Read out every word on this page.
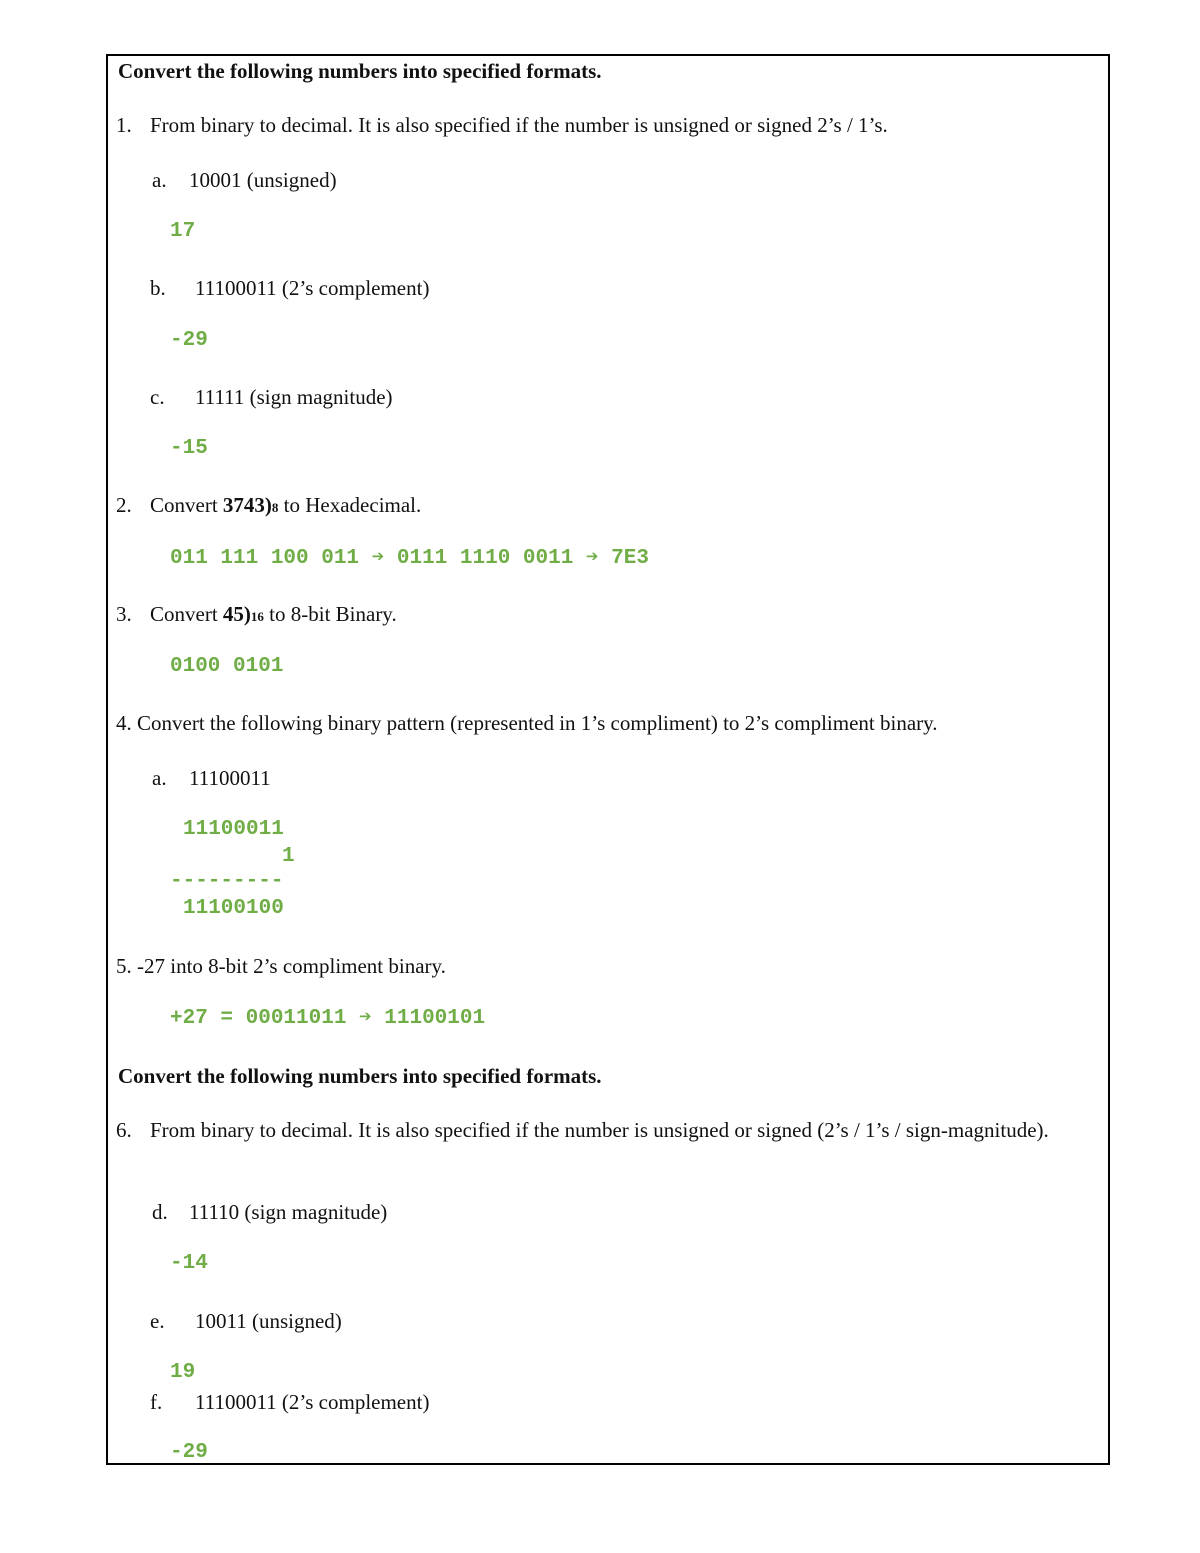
Convert the following numbers into specified formats.
1. From binary to decimal. It is also specified if the number is unsigned or signed 2’s / 1’s.
a. 10001 (unsigned)
17
b. 11100011 (2’s complement)
-29
c. 11111 (sign magnitude)
-15
2. Convert 3743)8 to Hexadecimal.
011 111 100 011 ➔ 0111 1110 0011 ➔ 7E3
3. Convert 45)16 to 8-bit Binary.
0100 0101
4. Convert the following binary pattern (represented in 1’s compliment) to 2’s compliment binary.
a. 11100011
11100011
1
---------
11100100
5. -27 into 8-bit 2’s compliment binary.
+27 = 00011011 ➔ 11100101
Convert the following numbers into specified formats.
6. From binary to decimal. It is also specified if the number is unsigned or signed (2’s / 1’s / sign-magnitude).
d. 11110 (sign magnitude)
-14
e. 10011 (unsigned)
19
f. 11100011 (2’s complement)
-29
